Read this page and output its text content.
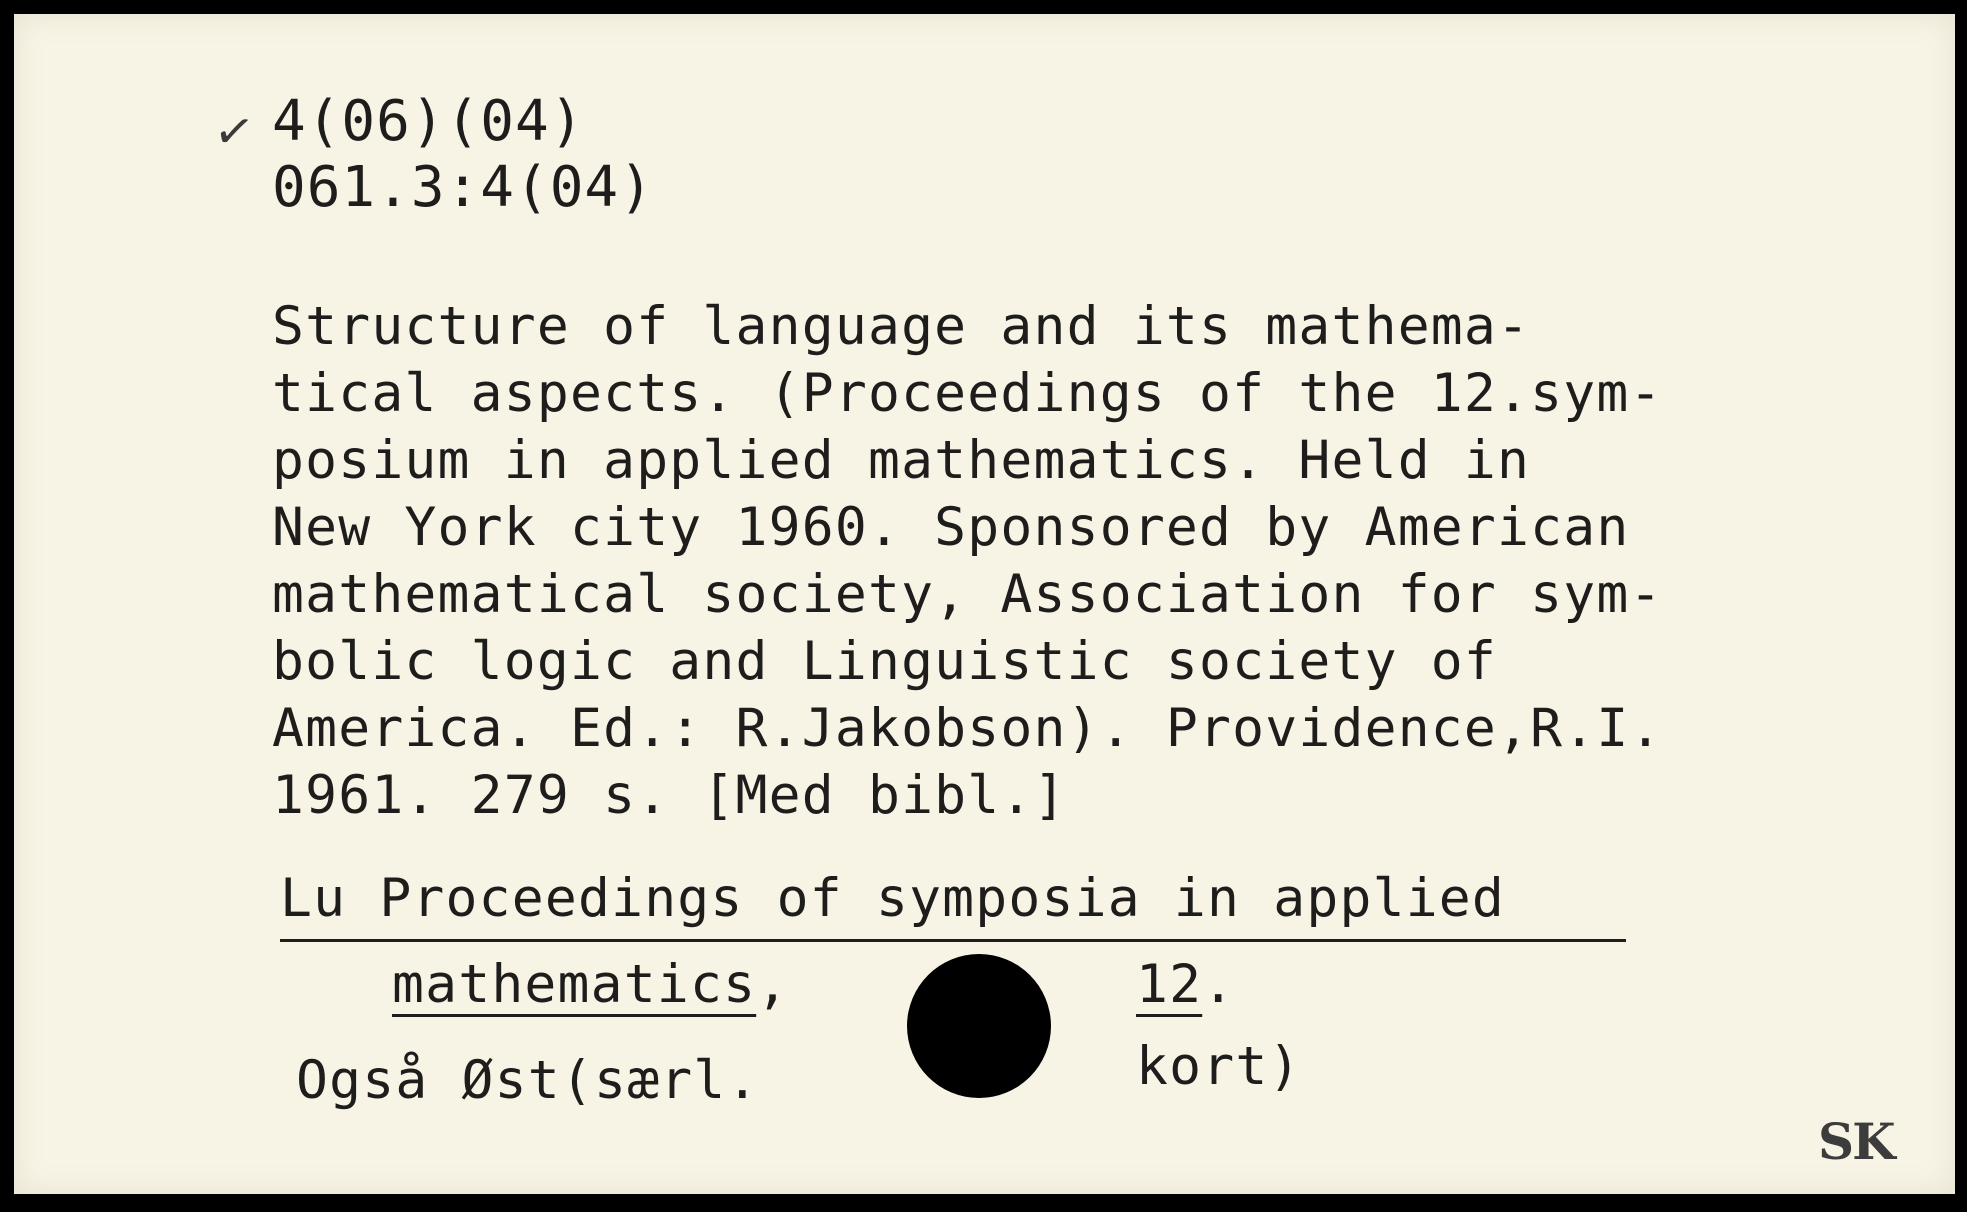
✓ 4(06)(04)
061.3:4(04)
Structure of language and its mathema-
tical aspects. (Proceedings of the 12.sym-
posium in applied mathematics. Held in
New York city 1960. Sponsored by American
mathematical society, Association for sym-
bolic logic and Linguistic society of
America. Ed.: R.Jakobson). Providence,R.I.
1961. 279 s. [Med bibl.]
Lu Proceedings of symposia in applied
mathematics,	12.
Også Øst(særl.	kort)
SK
